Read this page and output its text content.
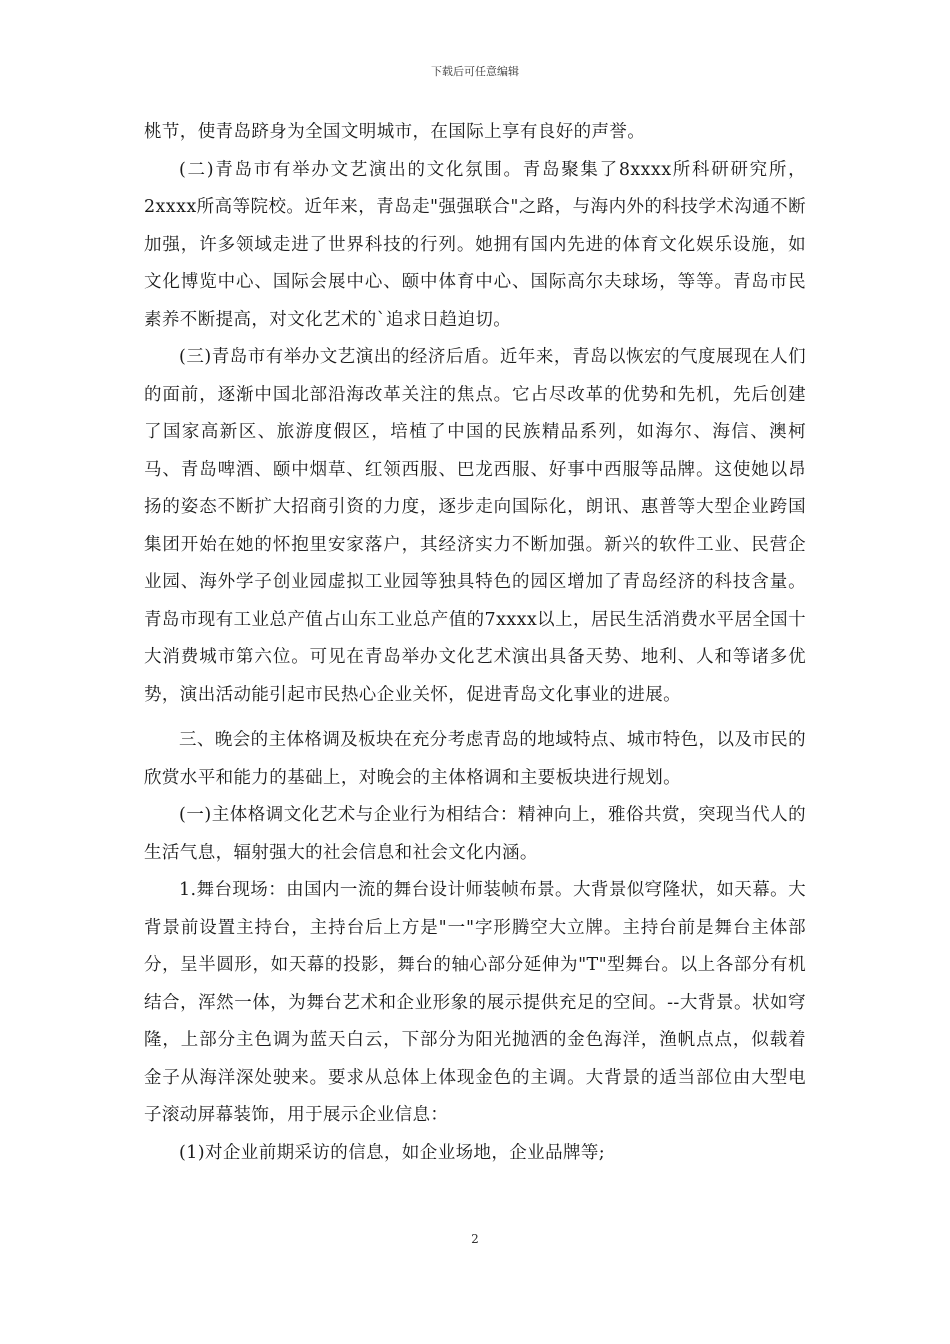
下载后可任意编辑

桃节，使青岛跻身为全国文明城市，在国际上享有良好的声誉。

(二)青岛市有举办文艺演出的文化氛围。青岛聚集了8xxxx所科研研究所，2xxxx所高等院校。近年来，青岛走"强强联合"之路，与海内外的科技学术沟通不断加强，许多领域走进了世界科技的行列。她拥有国内先进的体育文化娱乐设施，如文化博览中心、国际会展中心、颐中体育中心、国际高尔夫球场，等等。青岛市民素养不断提高，对文化艺术的`追求日趋迫切。

(三)青岛市有举办文艺演出的经济后盾。近年来，青岛以恢宏的气度展现在人们的面前，逐渐中国北部沿海改革关注的焦点。它占尽改革的优势和先机，先后创建了国家高新区、旅游度假区，培植了中国的民族精品系列，如海尔、海信、澳柯马、青岛啤酒、颐中烟草、红领西服、巴龙西服、好事中西服等品牌。这使她以昂扬的姿态不断扩大招商引资的力度，逐步走向国际化，朗讯、惠普等大型企业跨国集团开始在她的怀抱里安家落户，其经济实力不断加强。新兴的软件工业、民营企业园、海外学子创业园虚拟工业园等独具特色的园区增加了青岛经济的科技含量。青岛市现有工业总产值占山东工业总产值的7xxxx以上，居民生活消费水平居全国十大消费城市第六位。可见在青岛举办文化艺术演出具备天势、地利、人和等诸多优势，演出活动能引起市民热心企业关怀，促进青岛文化事业的进展。

三、晚会的主体格调及板块在充分考虑青岛的地域特点、城市特色，以及市民的欣赏水平和能力的基础上，对晚会的主体格调和主要板块进行规划。

(一)主体格调文化艺术与企业行为相结合：精神向上，雅俗共赏，突现当代人的生活气息，辐射强大的社会信息和社会文化内涵。

1.舞台现场：由国内一流的舞台设计师装帧布景。大背景似穹隆状，如天幕。大背景前设置主持台，主持台后上方是"一"字形腾空大立牌。主持台前是舞台主体部分，呈半圆形，如天幕的投影，舞台的轴心部分延伸为"T"型舞台。以上各部分有机结合，浑然一体，为舞台艺术和企业形象的展示提供充足的空间。--大背景。状如穹隆，上部分主色调为蓝天白云，下部分为阳光抛洒的金色海洋，渔帆点点，似载着金子从海洋深处驶来。要求从总体上体现金色的主调。大背景的适当部位由大型电子滚动屏幕装饰，用于展示企业信息：

(1)对企业前期采访的信息，如企业场地，企业品牌等;

2
